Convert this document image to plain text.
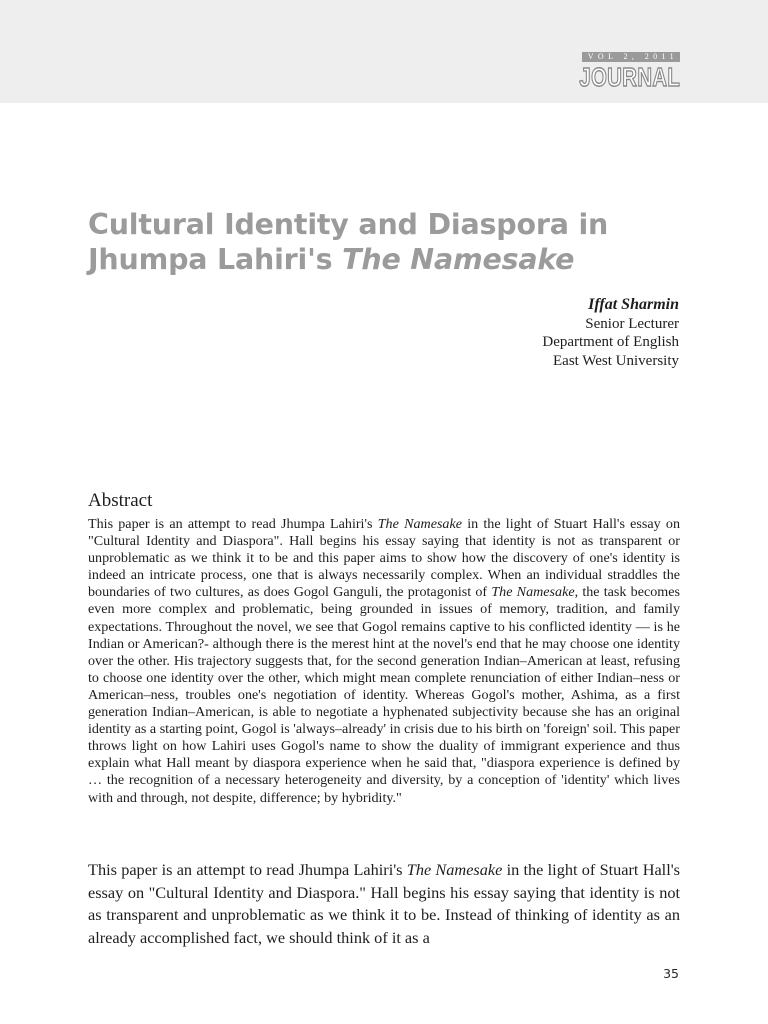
VOL 2, 2011
JOURNAL
Cultural Identity and Diaspora in
Jhumpa Lahiri's The Namesake
Iffat Sharmin
Senior Lecturer
Department of English
East West University
Abstract

This paper is an attempt to read Jhumpa Lahiri's The Namesake in the light of Stuart Hall's essay on "Cultural Identity and Diaspora". Hall begins his essay saying that identity is not as transparent or unproblematic as we think it to be and this paper aims to show how the discovery of one's identity is indeed an intricate process, one that is always necessarily complex. When an individual straddles the boundaries of two cultures, as does Gogol Ganguli, the protagonist of The Namesake, the task becomes even more complex and problematic, being grounded in issues of memory, tradition, and family expectations. Throughout the novel, we see that Gogol remains captive to his conflicted identity — is he Indian or American?- although there is the merest hint at the novel's end that he may choose one identity over the other. His trajectory suggests that, for the second generation Indian–American at least, refusing to choose one identity over the other, which might mean complete renunciation of either Indian–ness or American–ness, troubles one's negotiation of identity. Whereas Gogol's mother, Ashima, as a first generation Indian–American, is able to negotiate a hyphenated subjectivity because she has an original identity as a starting point, Gogol is 'always–already' in crisis due to his birth on 'foreign' soil. This paper throws light on how Lahiri uses Gogol's name to show the duality of immigrant experience and thus explain what Hall meant by diaspora experience when he said that, "diaspora experience is defined by … the recognition of a necessary heterogeneity and diversity, by a conception of 'identity' which lives with and through, not despite, difference; by hybridity."

This paper is an attempt to read Jhumpa Lahiri's The Namesake in the light of Stuart Hall's essay on "Cultural Identity and Diaspora." Hall begins his essay saying that identity is not as transparent and unproblematic as we think it to be. Instead of thinking of identity as an already accomplished fact, we should think of it as a

35
